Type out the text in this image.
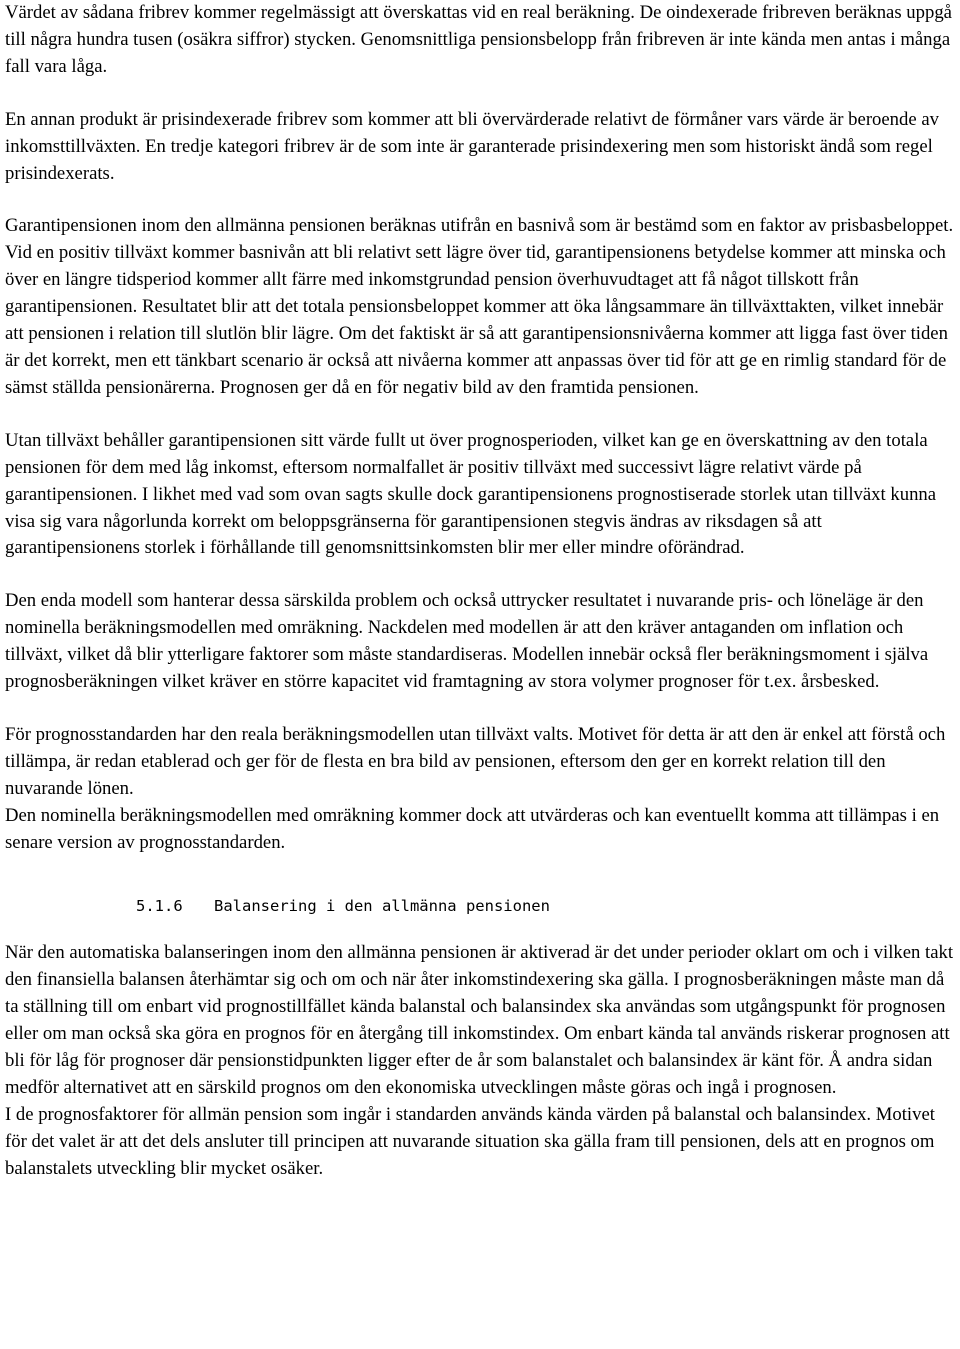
Värdet av sådana fribrev kommer regelmässigt att överskattas vid en real beräkning. De oindexerade fribreven beräknas uppgå till några hundra tusen (osäkra siffror) stycken. Genomsnittliga pensionsbelopp från fribreven är inte kända men antas i många fall vara låga.

En annan produkt är prisindexerade fribrev som kommer att bli övervärderade relativt de förmåner vars värde är beroende av inkomsttillväxten. En tredje kategori fribrev är de som inte är garanterade prisindexering men som historiskt ändå som regel prisindexerats.

Garantipensionen inom den allmänna pensionen beräknas utifrån en basnivå som är bestämd som en faktor av prisbasbeloppet. Vid en positiv tillväxt kommer basnivån att bli relativt sett lägre över tid, garantipensionens betydelse kommer att minska och över en längre tidsperiod kommer allt färre med inkomstgrundad pension överhuvudtaget att få något tillskott från garantipensionen. Resultatet blir att det totala pensionsbeloppet kommer att öka långsammare än tillväxttakten, vilket innebär att pensionen i relation till slutlön blir lägre. Om det faktiskt är så att garantipensionsnivåerna kommer att ligga fast över tiden är det korrekt, men ett tänkbart scenario är också att nivåerna kommer att anpassas över tid för att ge en rimlig standard för de sämst ställda pensionärerna. Prognosen ger då en för negativ bild av den framtida pensionen.

Utan tillväxt behåller garantipensionen sitt värde fullt ut över prognosperioden, vilket kan ge en överskattning av den totala pensionen för dem med låg inkomst, eftersom normalfallet är positiv tillväxt med successivt lägre relativt värde på garantipensionen. I likhet med vad som ovan sagts skulle dock garantipensionens prognostiserade storlek utan tillväxt kunna visa sig vara någorlunda korrekt om beloppsgränserna för garantipensionen stegvis ändras av riksdagen så att garantipensionens storlek i förhållande till genomsnittsinkomsten blir mer eller mindre oförändrad.

Den enda modell som hanterar dessa särskilda problem och också uttrycker resultatet i nuvarande pris- och löneläge är den nominella beräkningsmodellen med omräkning. Nackdelen med modellen är att den kräver antaganden om inflation och tillväxt, vilket då blir ytterligare faktorer som måste standardiseras. Modellen innebär också fler beräkningsmoment i själva prognosberäkningen vilket kräver en större kapacitet vid framtagning av stora volymer prognoser för t.ex. årsbesked.

För prognosstandarden har den reala beräkningsmodellen utan tillväxt valts. Motivet för detta är att den är enkel att förstå och tillämpa, är redan etablerad och ger för de flesta en bra bild av pensionen, eftersom den ger en korrekt relation till den nuvarande lönen.

Den nominella beräkningsmodellen med omräkning kommer dock att utvärderas och kan eventuellt komma att tillämpas i en senare version av prognosstandarden.

5.1.6 Balansering i den allmänna pensionen

När den automatiska balanseringen inom den allmänna pensionen är aktiverad är det under perioder oklart om och i vilken takt den finansiella balansen återhämtar sig och om och när åter inkomstindexering ska gälla. I prognosberäkningen måste man då ta ställning till om enbart vid prognostillfället kända balanstal och balansindex ska användas som utgångspunkt för prognosen eller om man också ska göra en prognos för en återgång till inkomstindex. Om enbart kända tal används riskerar prognosen att bli för låg för prognoser där pensionstidpunkten ligger efter de år som balanstalet och balansindex är känt för. Å andra sidan medför alternativet att en särskild prognos om den ekonomiska utvecklingen måste göras och ingå i prognosen.

I de prognosfaktorer för allmän pension som ingår i standarden används kända värden på balanstal och balansindex. Motivet för det valet är att det dels ansluter till principen att nuvarande situation ska gälla fram till pensionen, dels att en prognos om balanstalets utveckling blir mycket osäker.
